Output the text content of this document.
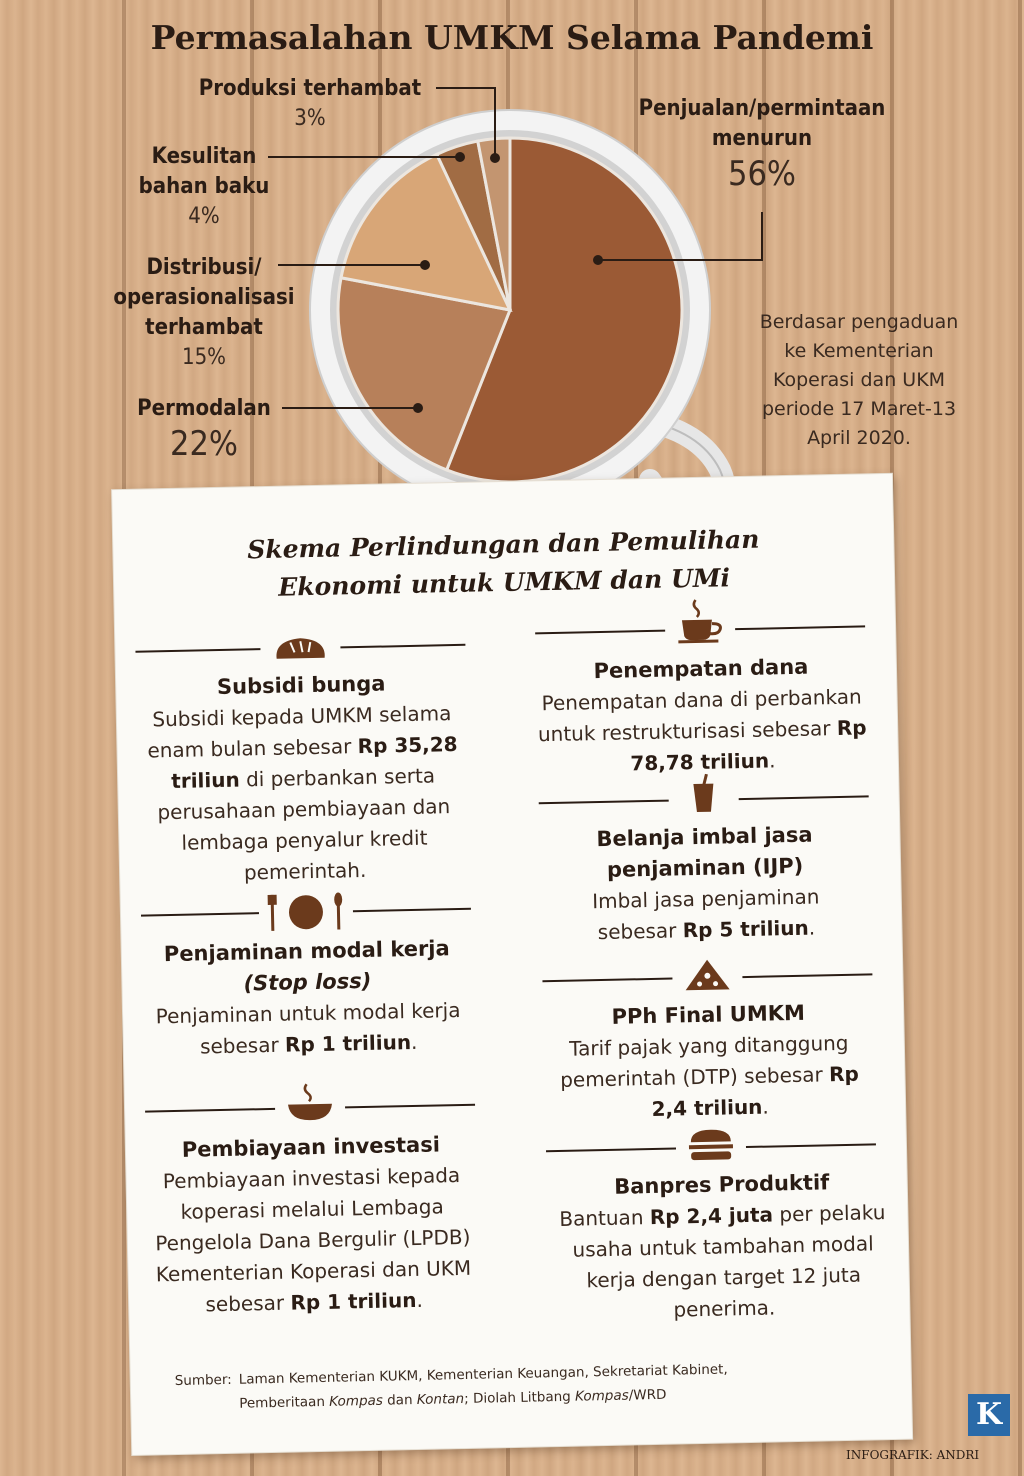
Permasalahan UMKM Selama Pandemi
Produksi terhambat
3%
Kesulitan
bahan baku
4%
Distribusi/
operasionalisasi
terhambat
15%
Permodalan
22%
Penjualan/permintaan
menurun
56%
Berdasar pengaduan ke Kementerian Koperasi dan UKM periode 17 Maret-13 April 2020.
Skema Perlindungan dan Pemulihan
Ekonomi untuk UMKM dan UMi
Subsidi bunga
Subsidi kepada UMKM selama enam bulan sebesar Rp 35,28 triliun di perbankan serta perusahaan pembiayaan dan lembaga penyalur kredit pemerintah.
Penjaminan modal kerja
(Stop loss)
Penjaminan untuk modal kerja sebesar Rp 1 triliun.
Pembiayaan investasi
Pembiayaan investasi kepada koperasi melalui Lembaga Pengelola Dana Bergulir (LPDB) Kementerian Koperasi dan UKM sebesar Rp 1 triliun.
Penempatan dana
Penempatan dana di perbankan untuk restrukturisasi sebesar Rp 78,78 triliun.
Belanja imbal jasa penjaminan (IJP)
Imbal jasa penjaminan sebesar Rp 5 triliun.
PPh Final UMKM
Tarif pajak yang ditanggung pemerintah (DTP) sebesar Rp 2,4 triliun.
Banpres Produktif
Bantuan Rp 2,4 juta per pelaku usaha untuk tambahan modal kerja dengan target 12 juta penerima.
Sumber: Laman Kementerian KUKM, Kementerian Keuangan, Sekretariat Kabinet,
Pemberitaan Kompas dan Kontan; Diolah Litbang Kompas/WRD
K
INFOGRAFIK: ANDRI
